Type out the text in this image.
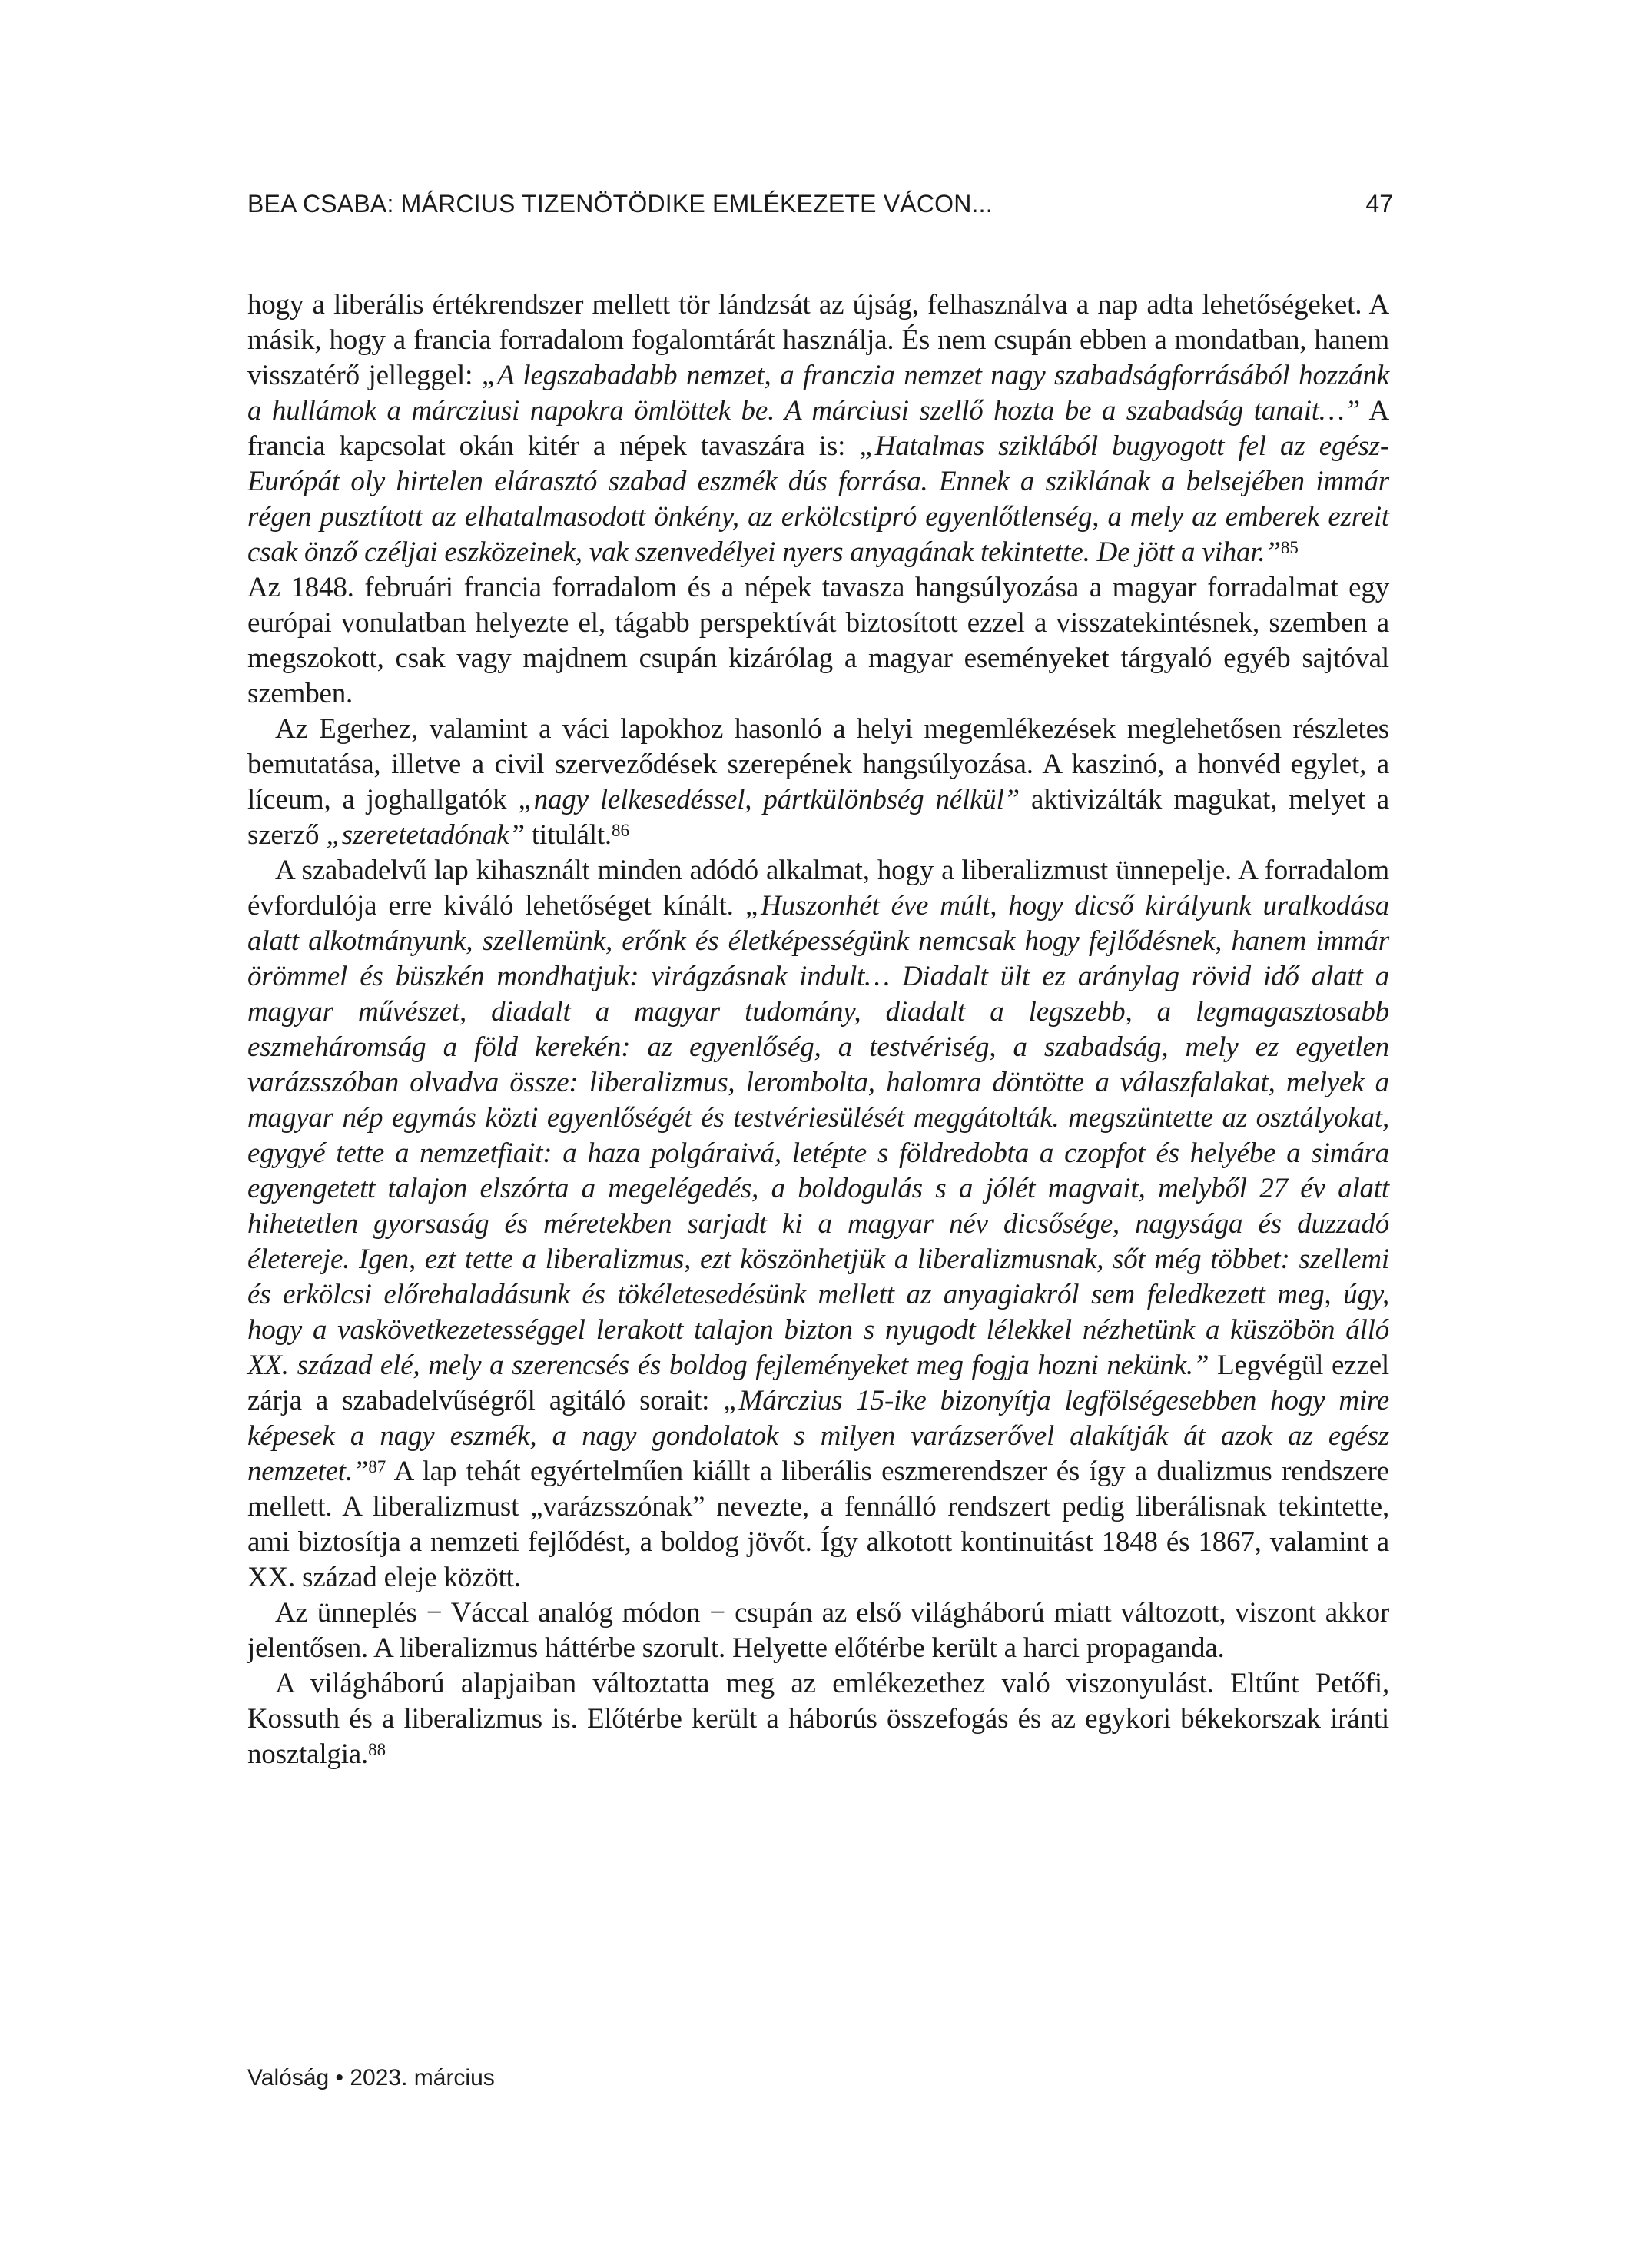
BEA CSABA: MÁRCIUS TIZENÖTÖDIKE EMLÉKEZETE VÁCON...	47

hogy a liberális értékrendszer mellett tör lándzsát az újság, felhasználva a nap adta lehetőségeket. A másik, hogy a francia forradalom fogalomtárát használja. És nem csupán ebben a mondatban, hanem visszatérő jelleggel: „A legszabadabb nemzet, a franczia nemzet nagy szabadságforrásából hozzánk a hullámok a márcziusi napokra ömlöttek be. A márciusi szellő hozta be a szabadság tanait…” A francia kapcsolat okán kitér a népek tavaszára is: „Hatalmas sziklából bugyogott fel az egész-Európát oly hirtelen elárasztó szabad eszmék dús forrása. Ennek a sziklának a belsejében immár régen pusztított az elhatalmasodott önkény, az erkölcstipró egyenlőtlenség, a mely az emberek ezreit csak önző czéljai eszközeinek, vak szenvedélyei nyers anyagának tekintette. De jött a vihar.”$^{85}$

Az 1848. februári francia forradalom és a népek tavasza hangsúlyozása a magyar forradalmat egy európai vonulatban helyezte el, tágabb perspektívát biztosított ezzel a visszatekintésnek, szemben a megszokott, csak vagy majdnem csupán kizárólag a magyar eseményeket tárgyaló egyéb sajtóval szemben.

Az Egerhez, valamint a váci lapokhoz hasonló a helyi megemlékezések meglehetősen részletes bemutatása, illetve a civil szerveződések szerepének hangsúlyozása. A kaszinó, a honvéd egylet, a líceum, a joghallgatók „nagy lelkesedéssel, pártkülönbség nélkül” aktivizálták magukat, melyet a szerző „szeretetadónak” titulált.$^{86}$

A szabadelvű lap kihasznált minden adódó alkalmat, hogy a liberalizmust ünnepelje. A forradalom évfordulója erre kiváló lehetőséget kínált. „Huszonhét éve múlt, hogy dicső királyunk uralkodása alatt alkotmányunk, szellemünk, erőnk és életképességünk nemcsak hogy fejlődésnek, hanem immár örömmel és büszkén mondhatjuk: virágzásnak indult… Diadalt ült ez aránylag rövid idő alatt a magyar művészet, diadalt a magyar tudomány, diadalt a legszebb, a legmagasztosabb eszmeháromság a föld kerekén: az egyenlőség, a testvériség, a szabadság, mely ez egyetlen varázsszóban olvadva össze: liberalizmus, lerombolta, halomra döntötte a válaszfalakat, melyek a magyar nép egymás közti egyenlőségét és testvériesülését meggátolták. megszüntette az osztályokat, egygyé tette a nemzetfiait: a haza polgáraivá, letépte s földredobta a czopfot és helyébe a simára egyengetett talajon elszórta a megelégedés, a boldogulás s a jólét magvait, melyből 27 év alatt hihetetlen gyorsaság és méretekben sarjadt ki a magyar név dicsősége, nagysága és duzzadó életereje. Igen, ezt tette a liberalizmus, ezt köszönhetjük a liberalizmusnak, sőt még többet: szellemi és erkölcsi előrehaladásunk és tökéletesedésünk mellett az anyagiakról sem feledkezett meg, úgy, hogy a vaskövetkezetességgel lerakott talajon bizton s nyugodt lélekkel nézhetünk a küszöbön álló XX. század elé, mely a szerencsés és boldog fejleményeket meg fogja hozni nekünk.” Legvégül ezzel zárja a szabadelvűségről agitáló sorait: „Márczius 15-ike bizonyítja legfölségesebben hogy mire képesek a nagy eszmék, a nagy gondolatok s milyen varázserővel alakítják át azok az egész nemzetet.”$^{87}$ A lap tehát egyértelműen kiállt a liberális eszmerendszer és így a dualizmus rendszere mellett. A liberalizmust „varázsszónak” nevezte, a fennálló rendszert pedig liberálisnak tekintette, ami biztosítja a nemzeti fejlődést, a boldog jövőt. Így alkotott kontinuitást 1848 és 1867, valamint a XX. század eleje között.

Az ünneplés − Váccal analóg módon − csupán az első világháború miatt változott, viszont akkor jelentősen. A liberalizmus háttérbe szorult. Helyette előtérbe került a harci propaganda.

A világháború alapjaiban változtatta meg az emlékezethez való viszonyulást. Eltűnt Petőfi, Kossuth és a liberalizmus is. Előtérbe került a háborús összefogás és az egykori békekorszak iránti nosztalgia.$^{88}$

Valóság • 2023. március
